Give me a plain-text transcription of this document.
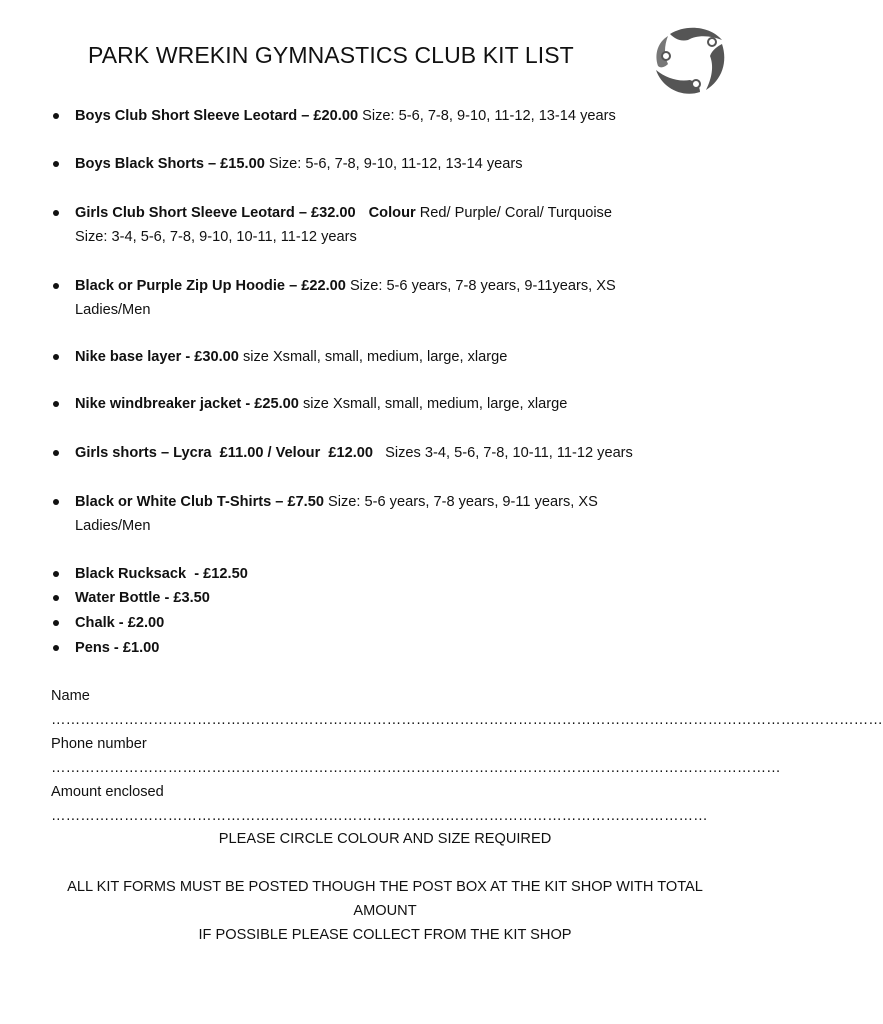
PARK WREKIN GYMNASTICS CLUB KIT LIST
Boys Club Short Sleeve Leotard – £20.00 Size: 5-6, 7-8, 9-10, 11-12, 13-14 years
Boys Black Shorts – £15.00 Size: 5-6, 7-8, 9-10, 11-12, 13-14 years
Girls Club Short Sleeve Leotard – £32.00 Colour Red/ Purple/ Coral/ Turquoise
Size: 3-4, 5-6, 7-8, 9-10, 10-11, 11-12 years
Black or Purple Zip Up Hoodie – £22.00 Size: 5-6 years, 7-8 years, 9-11years, XS
Ladies/Men
Nike base layer - £30.00 size Xsmall, small, medium, large, xlarge
Nike windbreaker jacket - £25.00 size Xsmall, small, medium, large, xlarge
Girls shorts – Lycra  £11.00 / Velour  £12.00   Sizes 3-4, 5-6, 7-8, 10-11, 11-12 years
Black or White Club T-Shirts – £7.50 Size: 5-6 years, 7-8 years, 9-11 years, XS
Ladies/Men
Black Rucksack  - £12.50
Water Bottle - £3.50
Chalk - £2.00
Pens - £1.00
Name ………………………………………………………………………………………………………………………………………………………
Phone number ……………………………………………………………………………………………………………………………………
Amount enclosed ………………………………………………………………………………………………………………………
PLEASE CIRCLE COLOUR AND SIZE REQUIRED
ALL KIT FORMS MUST BE POSTED THOUGH THE POST BOX AT THE KIT SHOP WITH TOTAL
AMOUNT
IF POSSIBLE PLEASE COLLECT FROM THE KIT SHOP
